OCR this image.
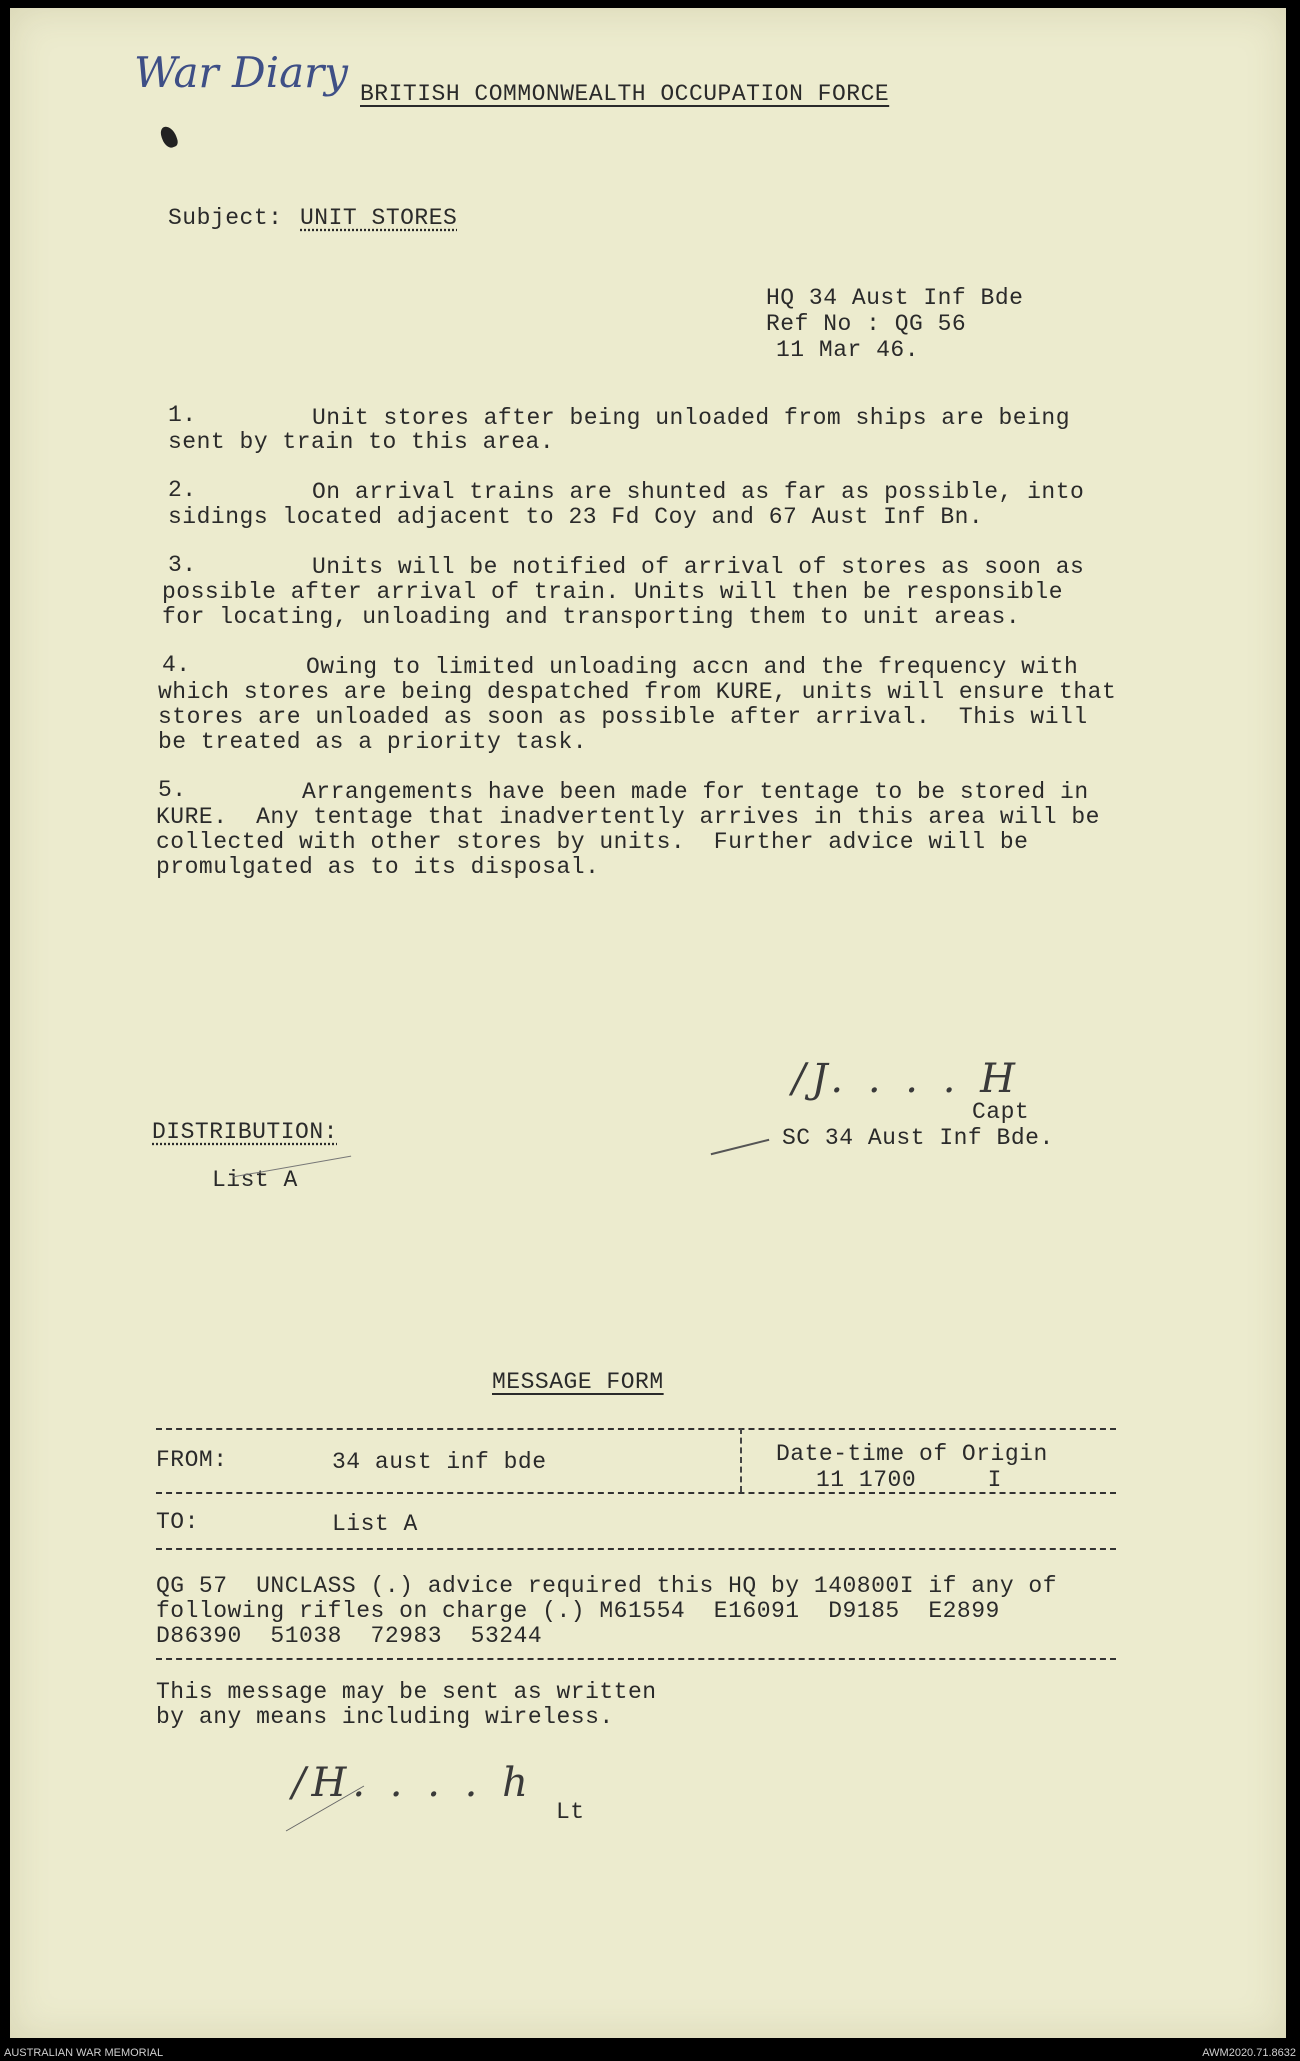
War Diary BRITISH COMMONWEALTH OCCUPATION FORCE
Subject: UNIT STORES
HQ 34 Aust Inf Bde
Ref No : QG 56
11 Mar 46.
1.	Unit stores after being unloaded from ships are being
sent by train to this area.
2.	On arrival trains are shunted as far as possible, into
sidings located adjacent to 23 Fd Coy and 67 Aust Inf Bn.
3.	Units will be notified of arrival of stores as soon as
possible after arrival of train. Units will then be responsible
for locating, unloading and transporting them to unit areas.
4.	Owing to limited unloading accn and the frequency with
which stores are being despatched from KURE, units will ensure that
stores are unloaded as soon as possible after arrival.  This will
be treated as a priority task.
5.	Arrangements have been made for tentage to be stored in
KURE.  Any tentage that inadvertently arrives in this area will be
collected with other stores by units.  Further advice will be
promulgated as to its disposal.
/J. . . . H
Capt
SC 34 Aust Inf Bde.
DISTRIBUTION:
List A
MESSAGE FORM
FROM:	34 aust inf bde	Date-time of Origin
11 1700     I
TO:	List A
QG 57  UNCLASS (.) advice required this HQ by 140800I if any of
following rifles on charge (.) M61554  E16091  D9185  E2899
D86390  51038  72983  53244
This message may be sent as written
by any means including wireless.
/H. . . . h
Lt
AUSTRALIAN WAR MEMORIAL	AWM2020.71.8632
